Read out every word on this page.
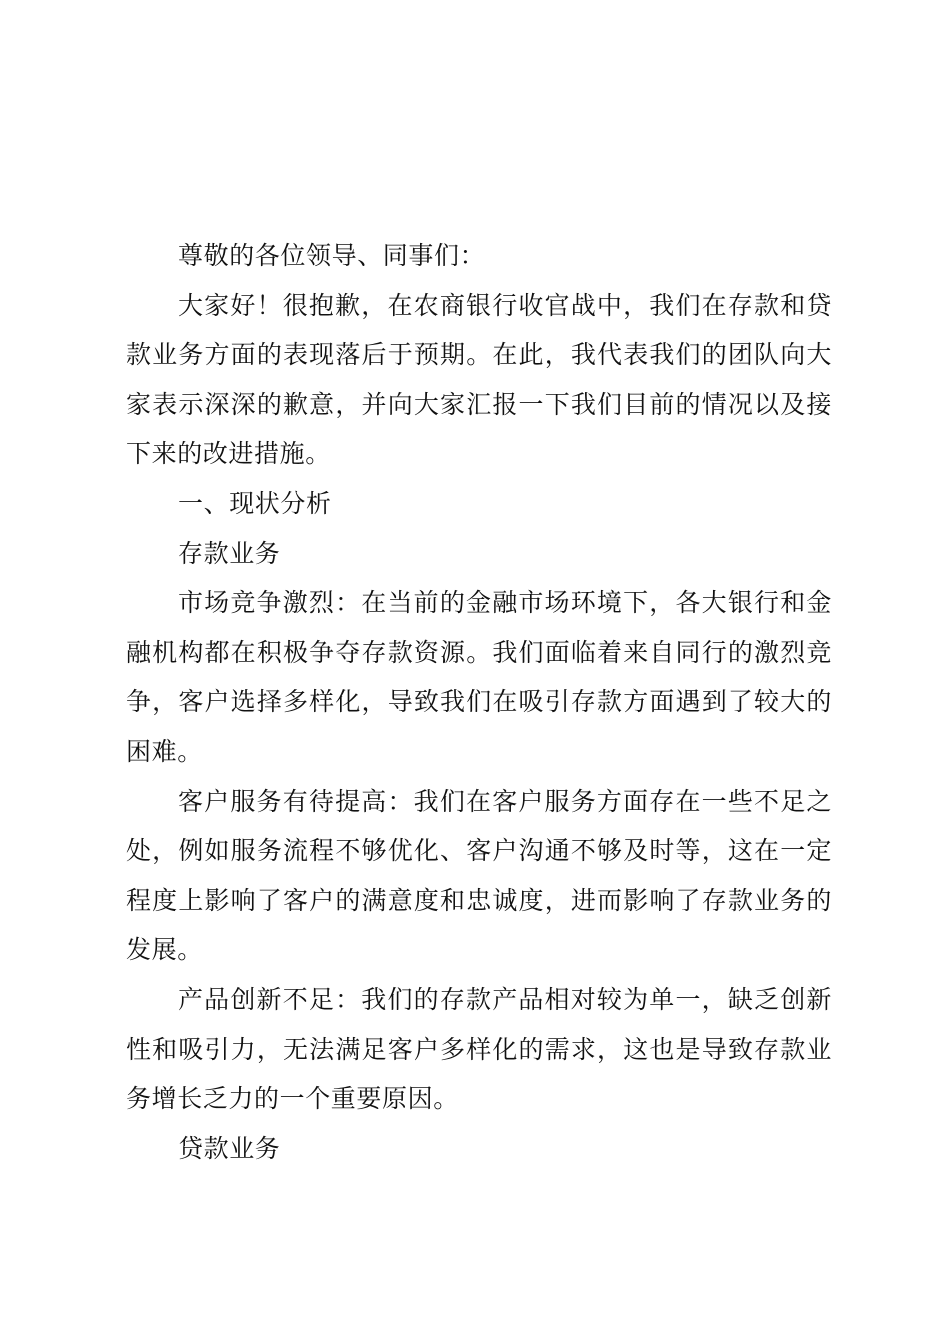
尊敬的各位领导、同事们：

大家好！很抱歉，在农商银行收官战中，我们在存款和贷款业务方面的表现落后于预期。在此，我代表我们的团队向大家表示深深的歉意，并向大家汇报一下我们目前的情况以及接下来的改进措施。

一、现状分析

存款业务

市场竞争激烈：在当前的金融市场环境下，各大银行和金融机构都在积极争夺存款资源。我们面临着来自同行的激烈竞争，客户选择多样化，导致我们在吸引存款方面遇到了较大的困难。

客户服务有待提高：我们在客户服务方面存在一些不足之处，例如服务流程不够优化、客户沟通不够及时等，这在一定程度上影响了客户的满意度和忠诚度，进而影响了存款业务的发展。

产品创新不足：我们的存款产品相对较为单一，缺乏创新性和吸引力，无法满足客户多样化的需求，这也是导致存款业务增长乏力的一个重要原因。

贷款业务
